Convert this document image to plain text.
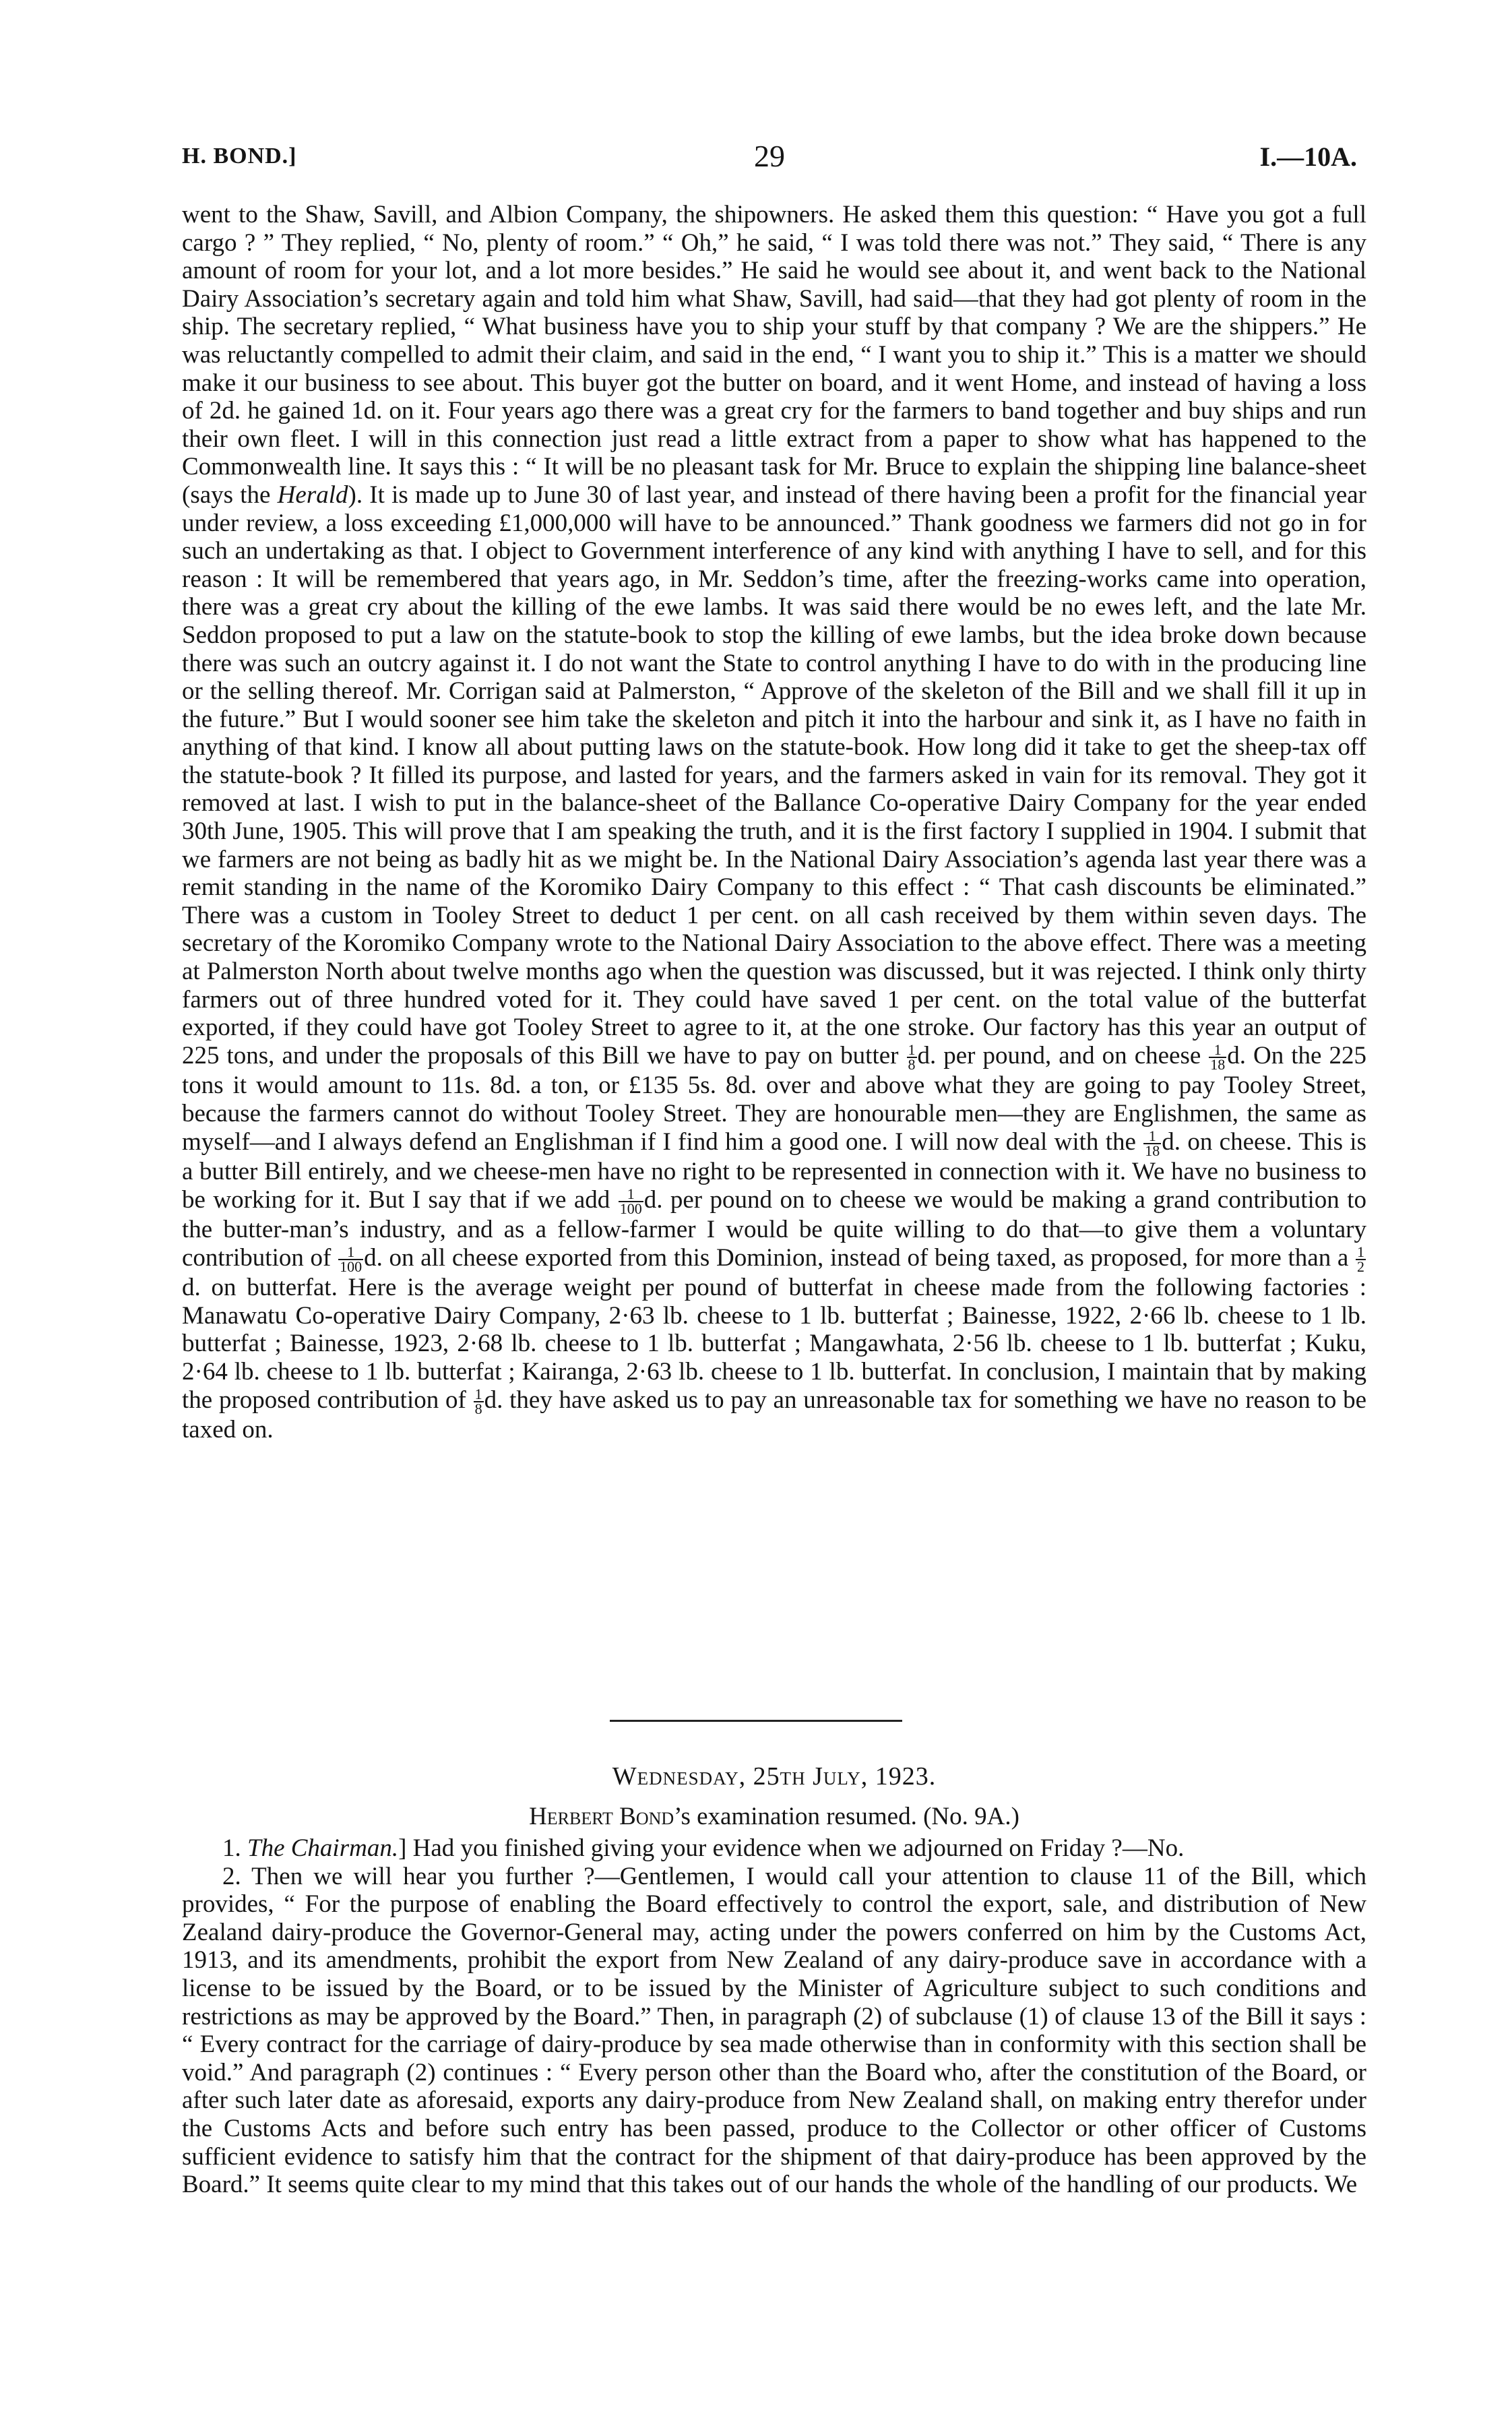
H. BOND.]	29	I.—10A.

went to the Shaw, Savill, and Albion Company, the shipowners. He asked them this question: “ Have you got a full cargo ? ” They replied, “ No, plenty of room.” “ Oh,” he said, “ I was told there was not.” They said, “ There is any amount of room for your lot, and a lot more besides.” He said he would see about it, and went back to the National Dairy Association’s secretary again and told him what Shaw, Savill, had said—that they had got plenty of room in the ship. The secretary replied, “ What business have you to ship your stuff by that company ? We are the shippers.” He was reluctantly compelled to admit their claim, and said in the end, “ I want you to ship it.” This is a matter we should make it our business to see about. This buyer got the butter on board, and it went Home, and instead of having a loss of 2d. he gained 1d. on it. Four years ago there was a great cry for the farmers to band together and buy ships and run their own fleet. I will in this connection just read a little extract from a paper to show what has happened to the Commonwealth line. It says this : “ It will be no pleasant task for Mr. Bruce to explain the shipping line balance-sheet (says the Herald). It is made up to June 30 of last year, and instead of there having been a profit for the financial year under review, a loss exceeding £1,000,000 will have to be announced.” Thank goodness we farmers did not go in for such an undertaking as that. I object to Government interference of any kind with anything I have to sell, and for this reason : It will be remembered that years ago, in Mr. Seddon’s time, after the freezing-works came into operation, there was a great cry about the killing of the ewe lambs. It was said there would be no ewes left, and the late Mr. Seddon proposed to put a law on the statute-book to stop the killing of ewe lambs, but the idea broke down because there was such an outcry against it. I do not want the State to control anything I have to do with in the producing line or the selling thereof. Mr. Corrigan said at Palmerston, “ Approve of the skeleton of the Bill and we shall fill it up in the future.” But I would sooner see him take the skeleton and pitch it into the harbour and sink it, as I have no faith in anything of that kind. I know all about putting laws on the statute-book. How long did it take to get the sheep-tax off the statute-book ? It filled its purpose, and lasted for years, and the farmers asked in vain for its removal. They got it removed at last. I wish to put in the balance-sheet of the Ballance Co-operative Dairy Company for the year ended 30th June, 1905. This will prove that I am speaking the truth, and it is the first factory I supplied in 1904. I submit that we farmers are not being as badly hit as we might be. In the National Dairy Association’s agenda last year there was a remit standing in the name of the Koromiko Dairy Company to this effect : “ That cash discounts be eliminated.” There was a custom in Tooley Street to deduct 1 per cent. on all cash received by them within seven days. The secretary of the Koromiko Company wrote to the National Dairy Association to the above effect. There was a meeting at Palmerston North about twelve months ago when the question was discussed, but it was rejected. I think only thirty farmers out of three hundred voted for it. They could have saved 1 per cent. on the total value of the butterfat exported, if they could have got Tooley Street to agree to it, at the one stroke. Our factory has this year an output of 225 tons, and under the proposals of this Bill we have to pay on butter $\frac{1}{8} d$. per pound, and on cheese $\frac{1}{18} d$. On the 225 tons it would amount to 11s. 8d. a ton, or £135 5s. 8d. over and above what they are going to pay Tooley Street, because the farmers cannot do without Tooley Street. They are honourable men—they are Englishmen, the same as myself—and I always defend an Englishman if I find him a good one. I will now deal with the $\frac{1}{18} d$. on cheese. This is a butter Bill entirely, and we cheese-men have no right to be represented in connection with it. We have no business to be working for it. But I say that if we add $\frac{1}{100} d$. per pound on to cheese we would be making a grand contribution to the butter-man’s industry, and as a fellow-farmer I would be quite willing to do that—to give them a voluntary contribution of $\frac{1}{100} d$. on all cheese exported from this Dominion, instead of being taxed, as proposed, for more than a $\frac{1}{2}$
d. on butterfat. Here is the average weight per pound of butterfat in cheese made from the following factories : Manawatu Co-operative Dairy Company, 2·63 lb. cheese to 1 lb. butterfat ; Bainesse, 1922, 2·66 lb. cheese to 1 lb. butterfat ; Bainesse, 1923, 2·68 lb. cheese to 1 lb. butterfat ; Mangawhata, 2·56 lb. cheese to 1 lb. butterfat ; Kuku, 2·64 lb. cheese to 1 lb. butterfat ; Kairanga, 2·63 lb. cheese to 1 lb. butterfat. In conclusion, I maintain that by making the proposed contribution of $\frac{1}{8} d$. they have asked us to pay an unreasonable tax for something we have no reason to be taxed on.

Wednesday, 25th July, 1923.
Herbert Bond’s examination resumed. (No. 9A.)

1. The Chairman.] Had you finished giving your evidence when we adjourned on Friday ?—No.

2. Then we will hear you further ?—Gentlemen, I would call your attention to clause 11 of the Bill, which provides, “ For the purpose of enabling the Board effectively to control the export, sale, and distribution of New Zealand dairy-produce the Governor-General may, acting under the powers conferred on him by the Customs Act, 1913, and its amendments, prohibit the export from New Zealand of any dairy-produce save in accordance with a license to be issued by the Board, or to be issued by the Minister of Agriculture subject to such conditions and restrictions as may be approved by the Board.” Then, in paragraph (2) of subclause (1) of clause 13 of the Bill it says : “ Every contract for the carriage of dairy-produce by sea made otherwise than in conformity with this section shall be void.” And paragraph (2) continues : “ Every person other than the Board who, after the constitution of the Board, or after such later date as aforesaid, exports any dairy-produce from New Zealand shall, on making entry therefor under the Customs Acts and before such entry has been passed, produce to the Collector or other officer of Customs sufficient evidence to satisfy him that the contract for the shipment of that dairy-produce has been approved by the Board.” It seems quite clear to my mind that this takes out of our hands the whole of the handling of our products. We
